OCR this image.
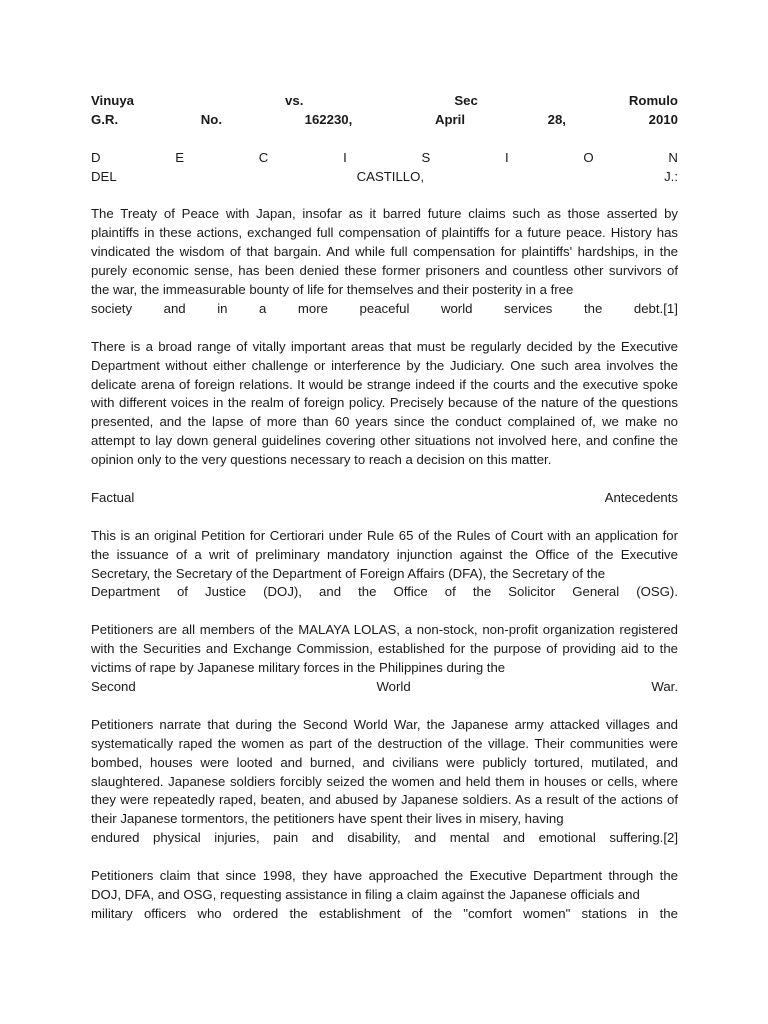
Vinuya	vs.	Sec	Romulo
G.R.	No.	162230,	April	28,	2010
D	E	C	I	S	I	O	N
DEL	CASTILLO,	J.:
The Treaty of Peace with Japan, insofar as it barred future claims such as those asserted by plaintiffs in these actions, exchanged full compensation of plaintiffs for a future peace. History has vindicated the wisdom of that bargain. And while full compensation for plaintiffs' hardships, in the purely economic sense, has been denied these former prisoners and countless other survivors of the war, the immeasurable bounty of life for themselves and their posterity in a free
society and in a more peaceful world services the debt.[1]

There is a broad range of vitally important areas that must be regularly decided by the Executive Department without either challenge or interference by the Judiciary. One such area involves the delicate arena of foreign relations. It would be strange indeed if the courts and the executive spoke with different voices in the realm of foreign policy. Precisely because of the nature of the questions presented, and the lapse of more than 60 years since the conduct complained of, we make no attempt to lay down general guidelines covering other situations not involved here, and confine the opinion only to the very questions necessary to reach a decision on this matter.

Factual	Antecedents
This is an original Petition for Certiorari under Rule 65 of the Rules of Court with an application for the issuance of a writ of preliminary mandatory injunction against the Office of the Executive Secretary, the Secretary of the Department of Foreign Affairs (DFA), the Secretary of the
Department of Justice (DOJ), and the Office of the Solicitor General (OSG).
Petitioners are all members of the MALAYA LOLAS, a non-stock, non-profit organization registered with the Securities and Exchange Commission, established for the purpose of providing aid to the victims of rape by Japanese military forces in the Philippines during the
Second	World	War.
Petitioners narrate that during the Second World War, the Japanese army attacked villages and systematically raped the women as part of the destruction of the village. Their communities were bombed, houses were looted and burned, and civilians were publicly tortured, mutilated, and slaughtered. Japanese soldiers forcibly seized the women and held them in houses or cells, where they were repeatedly raped, beaten, and abused by Japanese soldiers. As a result of the actions of their Japanese tormentors, the petitioners have spent their lives in misery, having
endured physical injuries, pain and disability, and mental and emotional suffering.[2]
Petitioners claim that since 1998, they have approached the Executive Department through the DOJ, DFA, and OSG, requesting assistance in filing a claim against the Japanese officials and
military officers who ordered the establishment of the "comfort women" stations in the
